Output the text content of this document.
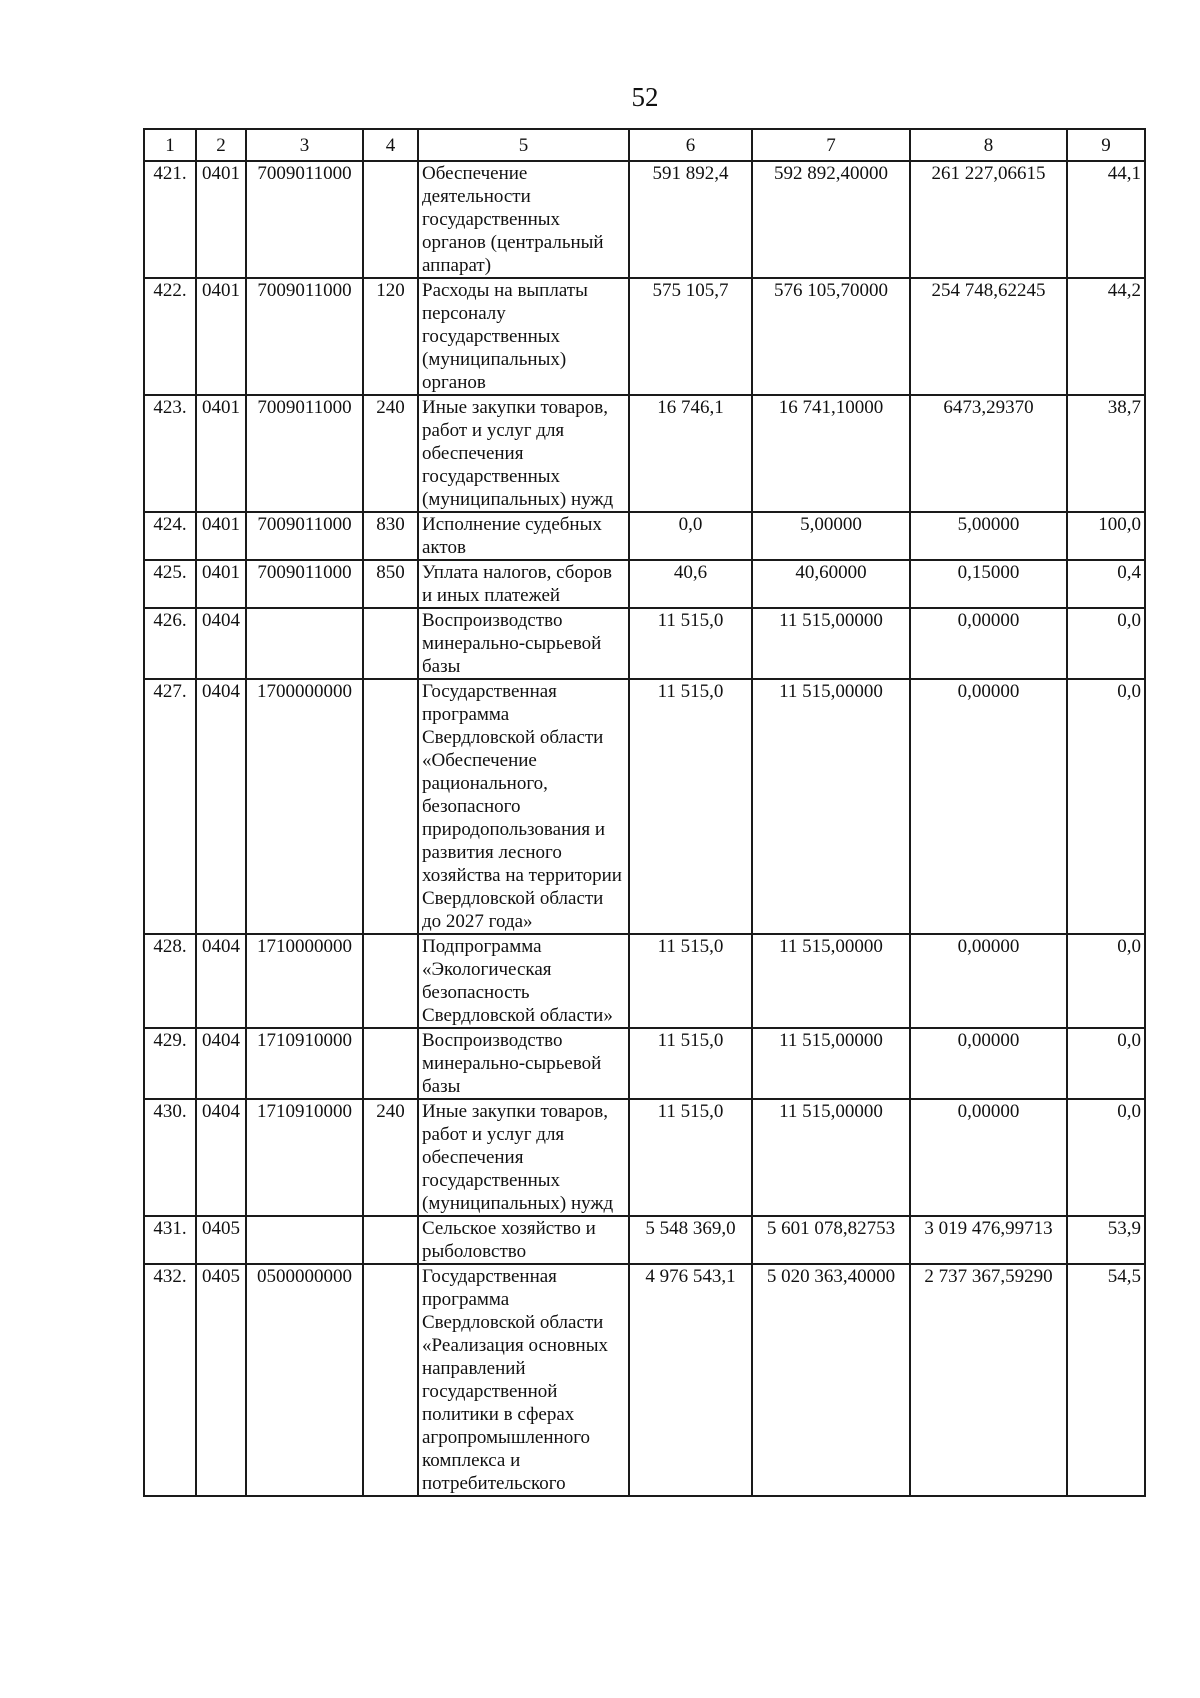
52
1	2	3	4	5	6	7	8	9
421.	0401	7009011000		Обеспечение деятельности государственных органов (центральный аппарат)	591 892,4	592 892,40000	261 227,06615	44,1
422.	0401	7009011000	120	Расходы на выплаты персоналу государственных (муниципальных) органов	575 105,7	576 105,70000	254 748,62245	44,2
423.	0401	7009011000	240	Иные закупки товаров, работ и услуг для обеспечения государственных (муниципальных) нужд	16 746,1	16 741,10000	6473,29370	38,7
424.	0401	7009011000	830	Исполнение судебных актов	0,0	5,00000	5,00000	100,0
425.	0401	7009011000	850	Уплата налогов, сборов и иных платежей	40,6	40,60000	0,15000	0,4
426.	0404			Воспроизводство минерально-сырьевой базы	11 515,0	11 515,00000	0,00000	0,0
427.	0404	1700000000		Государственная программа Свердловской области «Обеспечение рационального, безопасного природопользования и развития лесного хозяйства на территории Свердловской области до 2027 года»	11 515,0	11 515,00000	0,00000	0,0
428.	0404	1710000000		Подпрограмма «Экологическая безопасность Свердловской области»	11 515,0	11 515,00000	0,00000	0,0
429.	0404	1710910000		Воспроизводство минерально-сырьевой базы	11 515,0	11 515,00000	0,00000	0,0
430.	0404	1710910000	240	Иные закупки товаров, работ и услуг для обеспечения государственных (муниципальных) нужд	11 515,0	11 515,00000	0,00000	0,0
431.	0405			Сельское хозяйство и рыболовство	5 548 369,0	5 601 078,82753	3 019 476,99713	53,9
432.	0405	0500000000		Государственная программа Свердловской области «Реализация основных направлений государственной политики в сферах агропромышленного комплекса и потребительского	4 976 543,1	5 020 363,40000	2 737 367,59290	54,5
